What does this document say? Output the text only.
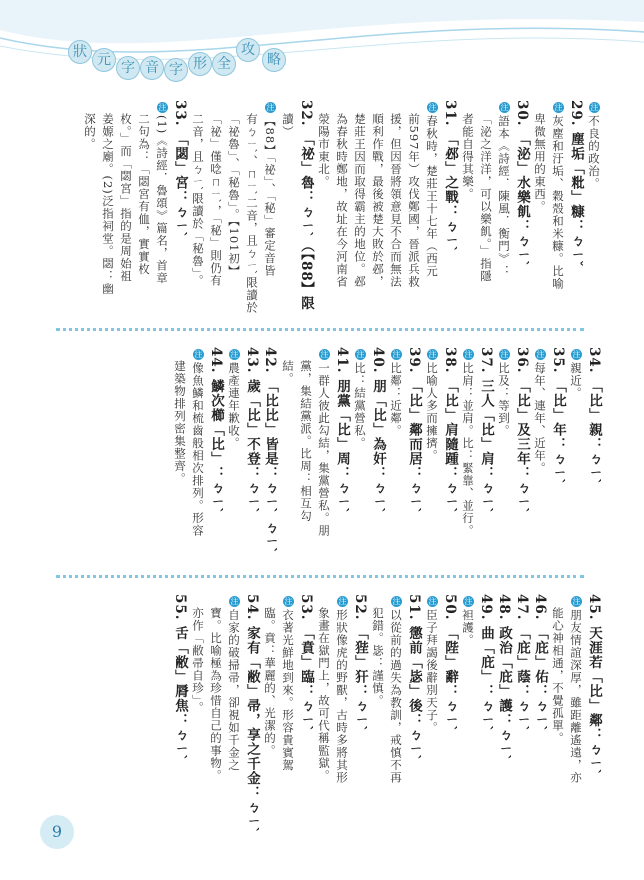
狀 元 字 音 字 形 全
攻
略
注不良的政治。
29. 塵垢「粃」糠：ㄅㄧˇ
注灰塵和汙垢、穀殼和米糠。比喻
卑微無用的東西。
30. 「泌」水樂飢：ㄅㄧˋ
注語本《詩經．陳風．衡門》：
「泌之洋洋，可以樂飢。」指隱
者能自得其樂。
31. 「邲」之戰：ㄅㄧˋ
注春秋時，楚莊王十七年（西元
前597年）攻伐鄭國，晉派兵救
援，但因晉將領意見不合而無法
順利作戰，最後被楚大敗於邲，
楚莊王因而取得霸主的地位。邲
為春秋時鄭地，故址在今河南省
滎陽市東北。
32. 「祕」魯：ㄅㄧˋ（【88】限
讀）
注【88】「祕」、「秘」審定音皆
有ㄅㄧˋ、ㄇㄧˋ二音，且ㄅㄧˋ限讀於
「祕魯」、「秘魯」。【101初】
「祕」僅唸ㄇㄧˋ，「秘」則仍有
二音，且ㄅㄧˋ限讀於「秘魯」。
33. 「閟」宮：ㄅㄧˋ
注(1)《詩經．魯頌》篇名，首章
二句為：「閟宮有侐，實實枚
枚。」而「閟宮」指的是周始祖
姜嫄之廟。(2)泛指祠堂。閟：幽
深的。
34. 「比」親：ㄅㄧˋ
注親近。
35. 「比」年：ㄅㄧˋ
注每年、連年、近年。
36. 「比」及三年：ㄅㄧˋ
注比及：等到。
37. 三人「比」肩：ㄅㄧˋ
注比肩：並肩。比：緊靠、並行。
38. 「比」肩隨踵：ㄅㄧˋ
注比喻人多而擁擠。
39. 「比」鄰而居：ㄅㄧˋ
注比鄰：近鄰。
40. 朋「比」為奸：ㄅㄧˋ
注比：結黨營私。
41. 朋黨「比」周：ㄅㄧˋ
注一群人彼此勾結，集黨營私。朋
黨，集結黨派。比周：相互勾
結。
42. 「比比」皆是：ㄅㄧˋ ㄅㄧˋ
43. 歲「比」不登：ㄅㄧˋ
注農產連年歉收。
44. 鱗次櫛「比」：ㄅㄧˋ
注像魚鱗和梳齒般相次排列。形容
建築物排列密集整齊。
45. 天涯若「比」鄰：ㄅㄧˋ
注朋友情誼深厚，雖距離遙遠，亦
能心神相通，不覺孤單。
46. 「庇」佑：ㄅㄧˋ
47. 「庇」蔭：ㄅㄧˋ
48. 政治「庇」護：ㄅㄧˋ
49. 曲「庇」：ㄅㄧˋ
注袒護。
50. 「陛」辭：ㄅㄧˋ
注臣子拜謁後辭別天子。
51. 懲前「毖」後：ㄅㄧˋ
注以從前的過失為教訓，戒慎不再
犯錯。毖：謹慎。
52. 「狴」犴：ㄅㄧˋ
注形狀像虎的野獸，古時多將其形
象畫在獄門上，故可代稱監獄。
53. 「賁」臨：ㄅㄧˋ
注衣著光鮮地到來。形容貴賓駕
臨。賁：華麗的、光潔的。
54. 家有「敝」帚，享之千金：ㄅㄧˋ
注自家的破掃帚，卻視如千金之
寶。比喻極為珍惜自己的事物。
亦作「敝帚自珍」。
55. 舌「敝」脣焦：ㄅㄧˋ
9
